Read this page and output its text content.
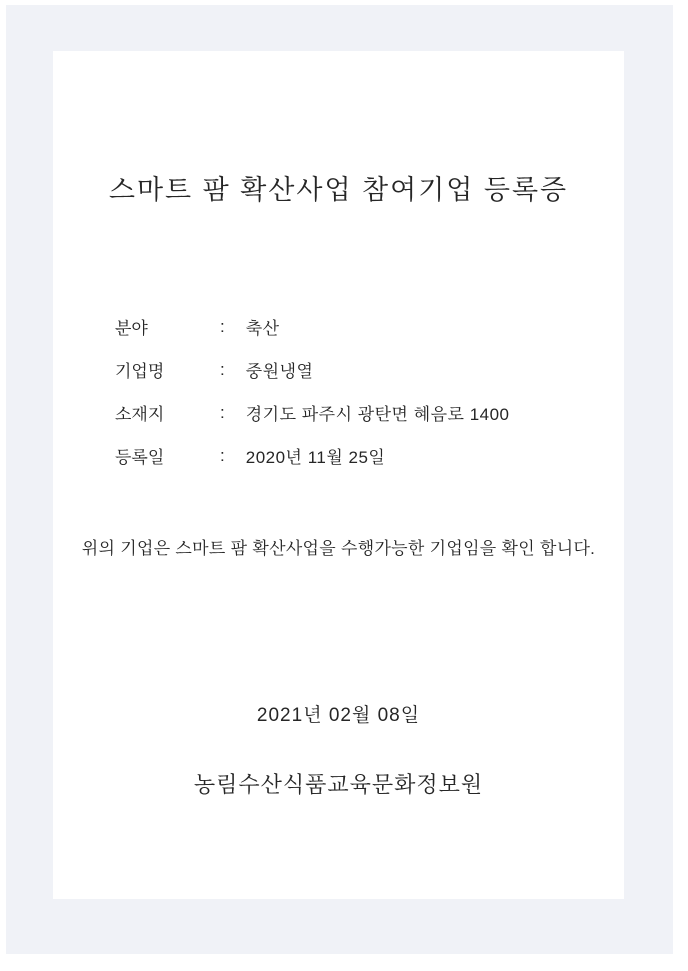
스마트 팜 확산사업 참여기업 등록증
분야	: 축산
기업명	: 중원냉열
소재지	: 경기도 파주시 광탄면 혜음로 1400
등록일	: 2020년 11월 25일

위의 기업은 스마트 팜 확산사업을 수행가능한 기업임을 확인 합니다.

2021년 02월 08일

농림수산식품교육문화정보원
